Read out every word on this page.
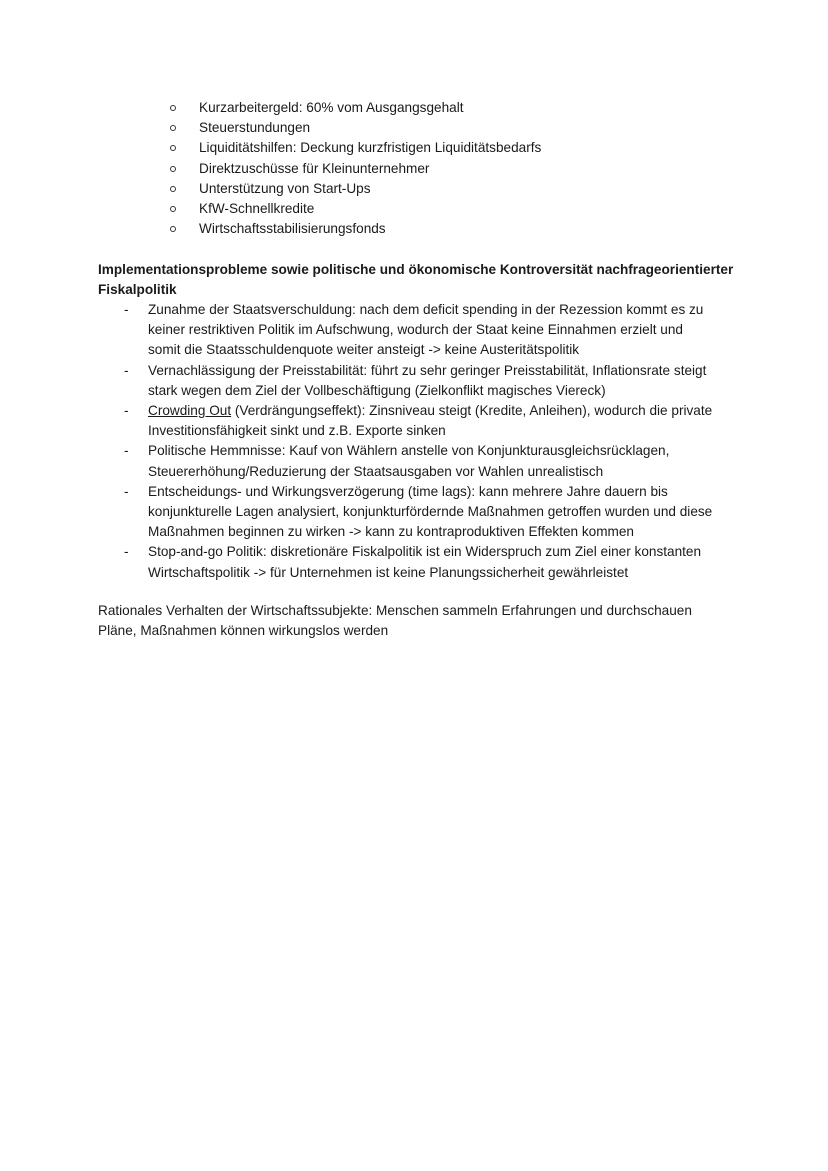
Kurzarbeitergeld: 60% vom Ausgangsgehalt
Steuerstundungen
Liquiditätshilfen: Deckung kurzfristigen Liquiditätsbedarfs
Direktzuschüsse für Kleinunternehmer
Unterstützung von Start-Ups
KfW-Schnellkredite
Wirtschaftsstabilisierungsfonds
Implementationsprobleme sowie politische und ökonomische Kontroversität nachfrageorientierter Fiskalpolitik
- Zunahme der Staatsverschuldung: nach dem deficit spending in der Rezession kommt es zu keiner restriktiven Politik im Aufschwung, wodurch der Staat keine Einnahmen erzielt und somit die Staatsschuldenquote weiter ansteigt -> keine Austeritätspolitik
- Vernachlässigung der Preisstabilität: führt zu sehr geringer Preisstabilität, Inflationsrate steigt stark wegen dem Ziel der Vollbeschäftigung (Zielkonflikt magisches Viereck)
- Crowding Out (Verdrängungseffekt): Zinsniveau steigt (Kredite, Anleihen), wodurch die private Investitionsfähigkeit sinkt und z.B. Exporte sinken
- Politische Hemmnisse: Kauf von Wählern anstelle von Konjunkturausgleichsrücklagen, Steuererhöhung/Reduzierung der Staatsausgaben vor Wahlen unrealistisch
- Entscheidungs- und Wirkungsverzögerung (time lags): kann mehrere Jahre dauern bis konjunkturelle Lagen analysiert, konjunkturfördernde Maßnahmen getroffen wurden und diese Maßnahmen beginnen zu wirken -> kann zu kontraproduktiven Effekten kommen
- Stop-and-go Politik: diskretionäre Fiskalpolitik ist ein Widerspruch zum Ziel einer konstanten Wirtschaftspolitik -> für Unternehmen ist keine Planungssicherheit gewährleistet

Rationales Verhalten der Wirtschaftssubjekte: Menschen sammeln Erfahrungen und durchschauen Pläne, Maßnahmen können wirkungslos werden
